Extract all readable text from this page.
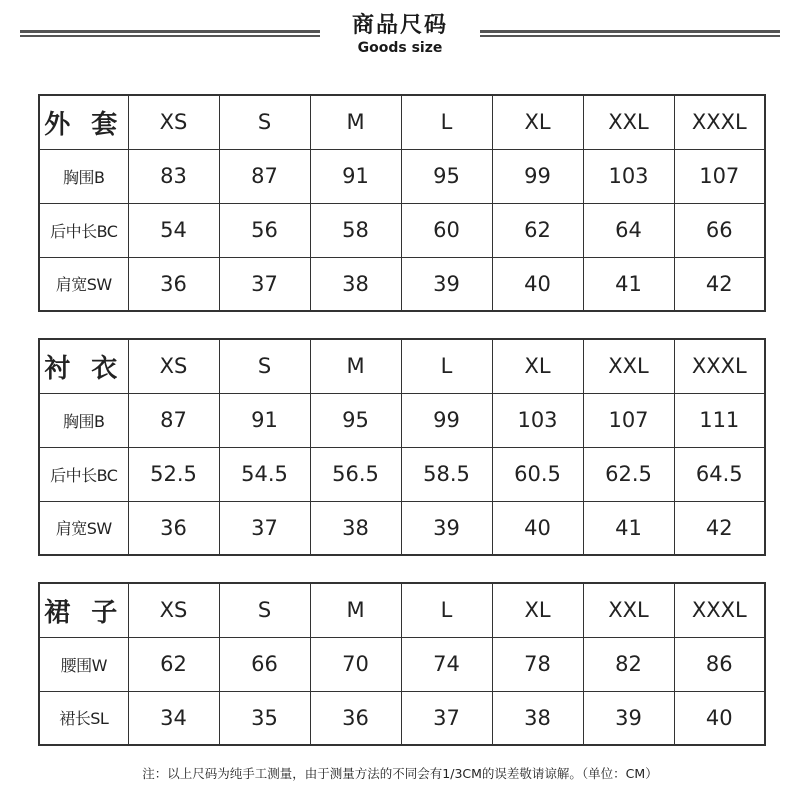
商品尺码
Goods size
外 套	XS	S	M	L	XL	XXL	XXXL
胸围B	83	87	91	95	99	103	107
后中长BC	54	56	58	60	62	64	66
肩宽SW	36	37	38	39	40	41	42
衬 衣	XS	S	M	L	XL	XXL	XXXL
胸围B	87	91	95	99	103	107	111
后中长BC	52.5	54.5	56.5	58.5	60.5	62.5	64.5
肩宽SW	36	37	38	39	40	41	42
裙 子	XS	S	M	L	XL	XXL	XXXL
腰围W	62	66	70	74	78	82	86
裙长SL	34	35	36	37	38	39	40
注：以上尺码为纯手工测量，由于测量方法的不同会有1/3CM的误差敬请谅解。（单位：CM）
